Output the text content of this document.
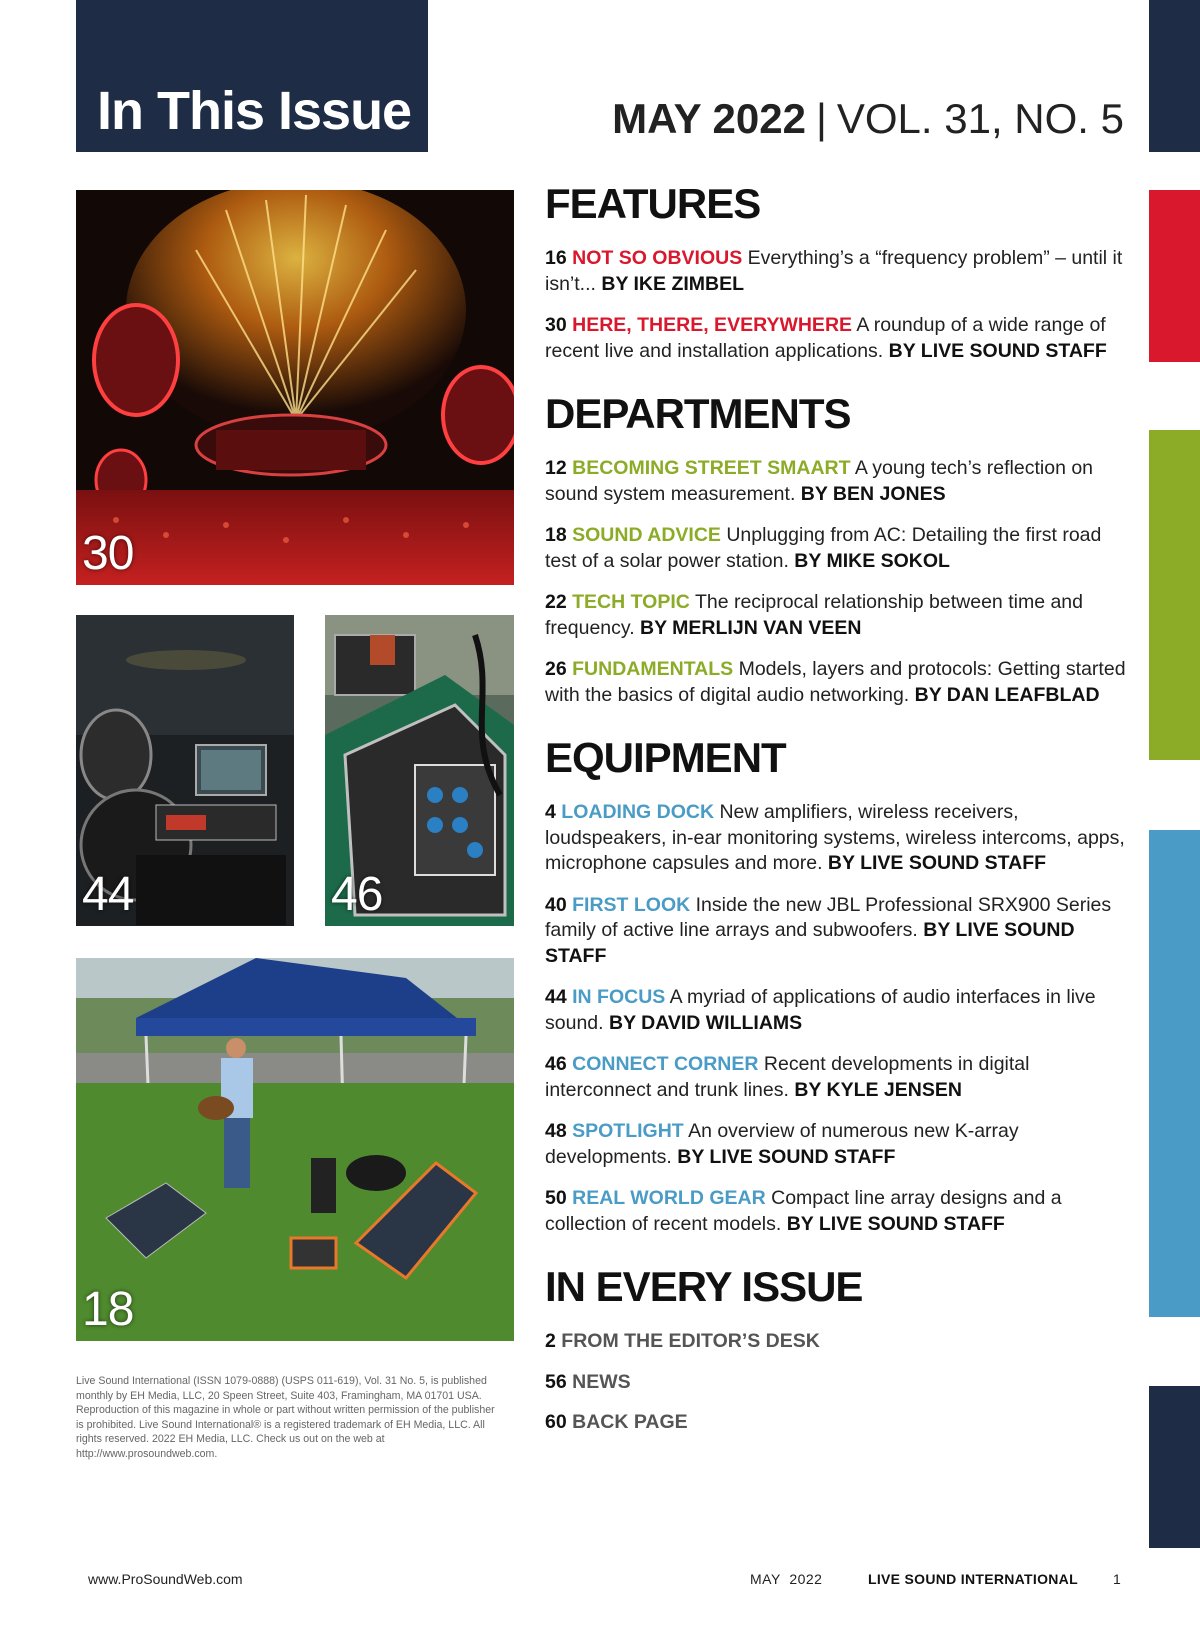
In This Issue	MAY 2022 | VOL. 31, NO. 5
30
44	46
18
Live Sound International (ISSN 1079-0888) (USPS 011-619), Vol. 31 No. 5, is published monthly by EH Media, LLC, 20 Speen Street, Suite 403, Framingham, MA 01701 USA. Reproduction of this magazine in whole or part without written permission of the publisher is prohibited. Live Sound International® is a registered trademark of EH Media, LLC. All rights reserved. 2022 EH Media, LLC. Check us out on the web at http://www.prosoundweb.com.
FEATURES
16 NOT SO OBVIOUS Everything’s a “frequency problem” – until it isn’t... BY IKE ZIMBEL
30 HERE, THERE, EVERYWHERE A roundup of a wide range of recent live and installation applications. BY LIVE SOUND STAFF
DEPARTMENTS
12 BECOMING STREET SMAART A young tech’s reflection on sound system measurement. BY BEN JONES
18 SOUND ADVICE Unplugging from AC: Detailing the first road test of a solar power station. BY MIKE SOKOL
22 TECH TOPIC The reciprocal relationship between time and frequency. BY MERLIJN VAN VEEN
26 FUNDAMENTALS Models, layers and protocols: Getting started with the basics of digital audio networking. BY DAN LEAFBLAD
EQUIPMENT
4 LOADING DOCK New amplifiers, wireless receivers, loudspeakers, in-ear monitoring systems, wireless intercoms, apps, microphone capsules and more. BY LIVE SOUND STAFF
40 FIRST LOOK Inside the new JBL Professional SRX900 Series family of active line arrays and subwoofers. BY LIVE SOUND STAFF
44 IN FOCUS A myriad of applications of audio interfaces in live sound. BY DAVID WILLIAMS
46 CONNECT CORNER Recent developments in digital interconnect and trunk lines. BY KYLE JENSEN
48 SPOTLIGHT An overview of numerous new K-array developments. BY LIVE SOUND STAFF
50 REAL WORLD GEAR Compact line array designs and a collection of recent models. BY LIVE SOUND STAFF
IN EVERY ISSUE
2 FROM THE EDITOR’S DESK
56 NEWS
60 BACK PAGE
www.ProSoundWeb.com	MAY  2022	LIVE SOUND INTERNATIONAL	1
